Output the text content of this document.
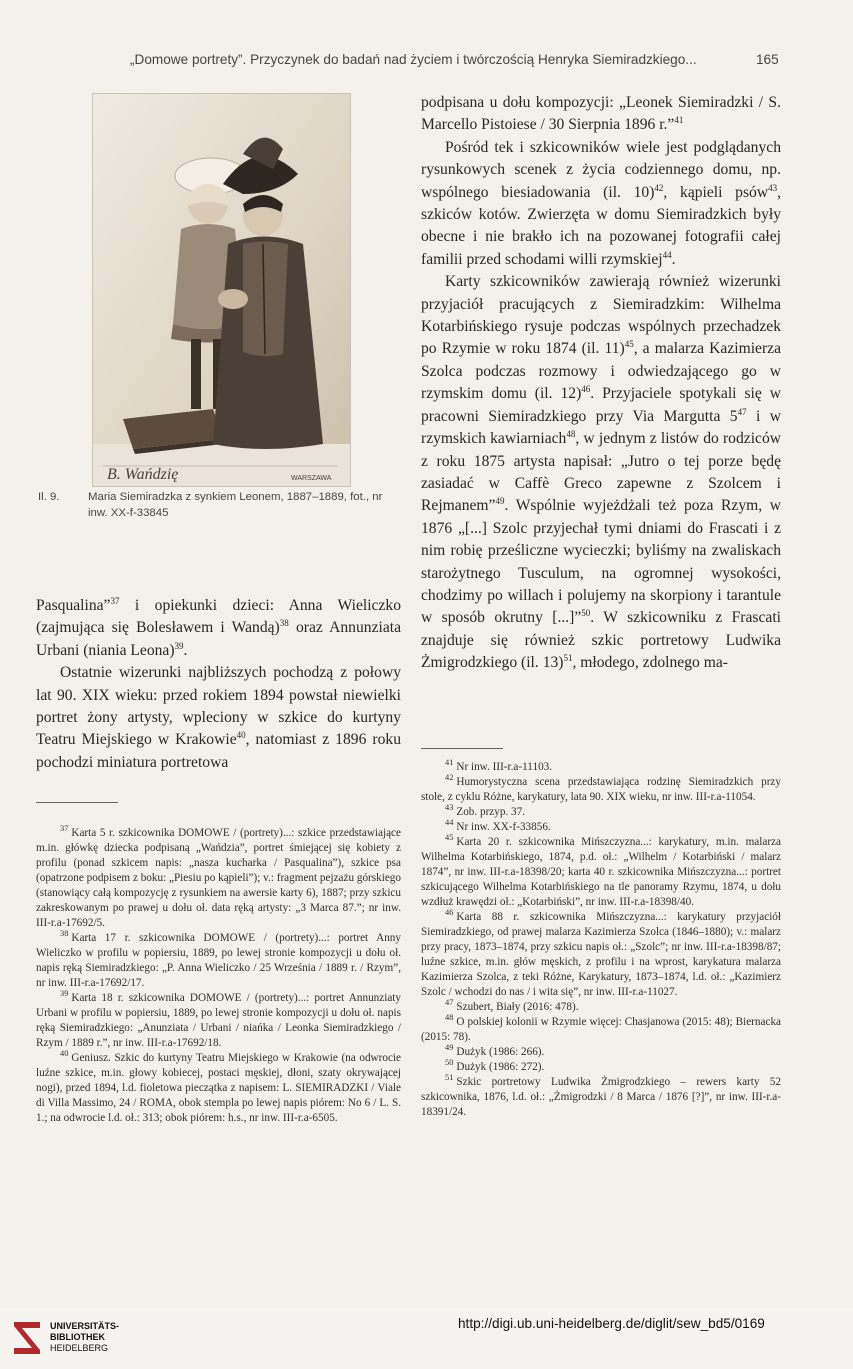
„Domowe portrety”. Przyczynek do badań nad życiem i twórczością Henryka Siemiradzkiego...	165
B. Wańdzię	WARSZAWA
Il. 9. Maria Siemiradzka z synkiem Leonem, 1887–1889, fot., nr inw. XX-f-33845

Pasqualina”$^{37}$ i opiekunki dzieci: Anna Wieliczko (zajmująca się Bolesławem i Wandą)$^{38}$ oraz Annunziata Urbani (niania Leona)$^{39}$.

Ostatnie wizerunki najbliższych pochodzą z połowy lat 90. XIX wieku: przed rokiem 1894 powstał niewielki portret żony artysty, wpleciony w szkice do kurtyny Teatru Miejskiego w Krakowie$^{40}$, natomiast z 1896 roku pochodzi miniatura portretowa

$^{37}$ Karta 5 r. szkicownika DOMOWE / (portrety)...: szkice przedstawiające m.in. główkę dziecka podpisaną „Wańdzia”, portret śmiejącej się kobiety z profilu (ponad szkicem napis: „nasza kucharka / Pasqualina”), szkice psa (opatrzone podpisem z boku: „Piesiu po kąpieli”); v.: fragment pejzażu górskiego (stanowiący całą kompozycję z rysunkiem na awersie karty 6), 1887; przy szkicu zakreskowanym po prawej u dołu oł. data ręką artysty: „3 Marca 87.”; nr inw. III-r.a-17692/5.

$^{38}$ Karta 17 r. szkicownika DOMOWE / (portrety)...: portret Anny Wieliczko w profilu w popiersiu, 1889, po lewej stronie kompozycji u dołu oł. napis ręką Siemiradzkiego: „P. Anna Wieliczko / 25 Września / 1889 r. / Rzym”, nr inw. III-r.a-17692/17.

$^{39}$ Karta 18 r. szkicownika DOMOWE / (portrety)...: portret Annunziaty Urbani w profilu w popiersiu, 1889, po lewej stronie kompozycji u dołu oł. napis ręką Siemiradzkiego: „Anunziata / Urbani / niańka / Leonka Siemiradzkiego / Rzym / 1889 r.”, nr inw. III-r.a-17692/18.

$^{40}$ Geniusz. Szkic do kurtyny Teatru Miejskiego w Krakowie (na odwrocie luźne szkice, m.in. głowy kobiecej, postaci męskiej, dłoni, szaty okrywającej nogi), przed 1894, l.d. fioletowa pieczątka z napisem: L. SIEMIRADZKI / Viale di Villa Massimo, 24 / ROMA, obok stempla po lewej napis piórem: No 6 / L. S. 1.; na odwrocie l.d. oł.: 313; obok piórem: h.s., nr inw. III-r.a-6505.

podpisana u dołu kompozycji: „Leonek Siemiradzki / S. Marcello Pistoiese / 30 Sierpnia 1896 r.”$^{41}$

Pośród tek i szkicowników wiele jest podglądanych rysunkowych scenek z życia codziennego domu, np. wspólnego biesiadowania (il. 10)$^{42}$, kąpieli psów$^{43}$, szkiców kotów. Zwierzęta w domu Siemiradzkich były obecne i nie brakło ich na pozowanej fotografii całej familii przed schodami willi rzymskiej$^{44}$.

Karty szkicowników zawierają również wizerunki przyjaciół pracujących z Siemiradzkim: Wilhelma Kotarbińskiego rysuje podczas wspólnych przechadzek po Rzymie w roku 1874 (il. 11)$^{45}$, a malarza Kazimierza Szolca podczas rozmowy i odwiedzającego go w rzymskim domu (il. 12)$^{46}$. Przyjaciele spotykali się w pracowni Siemiradzkiego przy Via Margutta $5^{47}$ i w rzymskich kawiarniach$^{48}$, w jednym z listów do rodziców z roku 1875 artysta napisał: „Jutro o tej porze będę zasiadać w Caffè Greco zapewne z Szolcem i Rejmanem”$^{49}$. Wspólnie wyjeżdżali też poza Rzym, w 1876 „[...] Szolc przyjechał tymi dniami do Frascati i z nim robię prześliczne wycieczki; byliśmy na zwaliskach starożytnego Tusculum, na ogromnej wysokości, chodzimy po willach i polujemy na skorpiony i tarantule w sposób okrutny [...]”$^{50}$. W szkicowniku z Frascati znajduje się również szkic portretowy Ludwika Żmigrodzkiego (il. 13)$^{51}$, młodego, zdolnego ma-

$^{41}$ Nr inw. III-r.a-11103.

$^{42}$ Humorystyczna scena przedstawiająca rodzinę Siemiradzkich przy stole, z cyklu Różne, karykatury, lata 90. XIX wieku, nr inw. III-r.a-11054.

$^{43}$ Zob. przyp. 37.

$^{44}$ Nr inw. XX-f-33856.

$^{45}$ Karta 20 r. szkicownika Mińszczyzna...: karykatury, m.in. malarza Wilhelma Kotarbińskiego, 1874, p.d. oł.: „Wilhelm / Kotarbiński / malarz 1874”, nr inw. III-r.a-18398/20; karta 40 r. szkicownika Mińszczyzna...: portret szkicującego Wilhelma Kotarbińskiego na tle panoramy Rzymu, 1874, u dołu wzdłuż krawędzi oł.: „Kotarbiński”, nr inw. III-r.a-18398/40.

$^{46}$ Karta 88 r. szkicownika Mińszczyzna...: karykatury przyjaciół Siemiradzkiego, od prawej malarza Kazimierza Szolca (1846–1880); v.: malarz przy pracy, 1873–1874, przy szkicu napis oł.: „Szolc”; nr inw. III-r.a-18398/87; luźne szkice, m.in. głów męskich, z profilu i na wprost, karykatura malarza Kazimierza Szolca, z teki Różne, Karykatury, 1873–1874, l.d. oł.: „Kazimierz Szolc / wchodzi do nas / i wita się”, nr inw. III-r.a-11027.

$^{47}$ Szubert, Biały (2016: 478).

$^{48}$ O polskiej kolonii w Rzymie więcej: Chasjanowa (2015: 48); Biernacka (2015: 78).

$^{49}$ Dużyk (1986: 266).

$^{50}$ Dużyk (1986: 272).

$^{51}$ Szkic portretowy Ludwika Żmigrodzkiego – rewers karty 52 szkicownika, 1876, l.d. oł.: „Żmigrodzki / 8 Marca / 1876 [?]”, nr inw. III-r.a-18391/24.

UNIVERSITÄTS-
BIBLIOTHEK
HEIDELBERG
http://digi.ub.uni-heidelberg.de/diglit/sew_bd5/0169
